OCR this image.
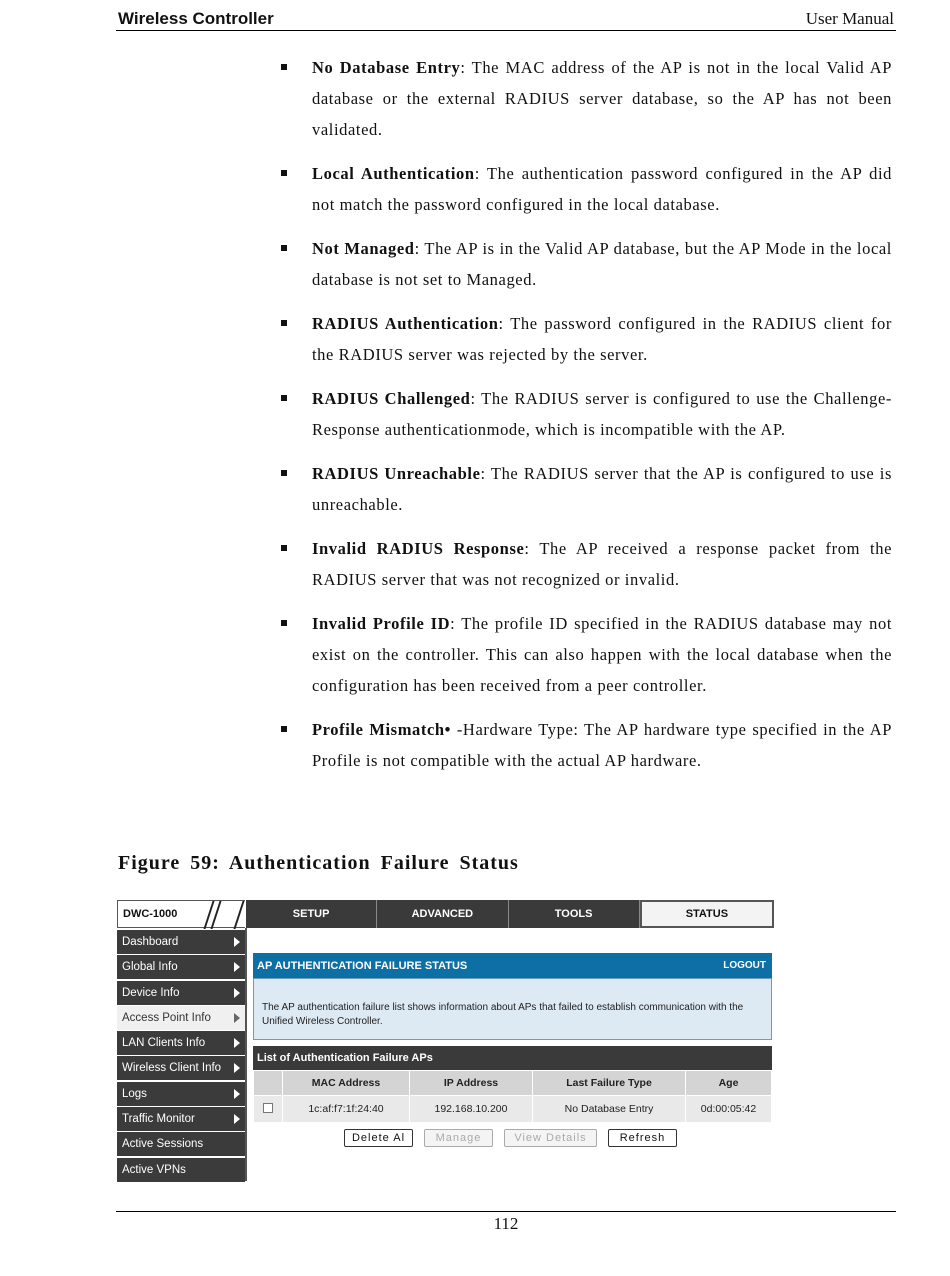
Wireless Controller	User Manual
No Database Entry: The MAC address of the AP is not in the local Valid AP database or the external RADIUS server database, so the AP has not been validated.
Local Authentication: The authentication password configured in the AP did not match the password configured in the local database.
Not Managed: The AP is in the Valid AP database, but the AP Mode in the local database is not set to Managed.
RADIUS Authentication: The password configured in the RADIUS client for the RADIUS server was rejected by the server.
RADIUS Challenged: The RADIUS server is configured to use the Challenge-Response authenticationmode, which is incompatible with the AP.
RADIUS Unreachable: The RADIUS server that the AP is configured to use is unreachable.
Invalid RADIUS Response: The AP received a response packet from the RADIUS server that was not recognized or invalid.
Invalid Profile ID: The profile ID specified in the RADIUS database may not exist on the controller. This can also happen with the local database when the configuration has been received from a peer controller.
Profile Mismatch• -Hardware Type: The AP hardware type specified in the AP Profile is not compatible with the actual AP hardware.
Figure 59: Authentication Failure Status
DWC-1000	SETUP	ADVANCED	TOOLS	STATUS
Dashboard
Global Info
Device Info
Access Point Info
LAN Clients Info
Wireless Client Info
Logs
Traffic Monitor
Active Sessions
Active VPNs
AP AUTHENTICATION FAILURE STATUS	LOGOUT
The AP authentication failure list shows information about APs that failed to establish communication with the Unified Wireless Controller.
List of Authentication Failure APs
	MAC Address	IP Address	Last Failure Type	Age
	1c:af:f7:1f:24:40	192.168.10.200	No Database Entry	0d:00:05:42
Delete Al	Manage	View Details	Refresh
112
